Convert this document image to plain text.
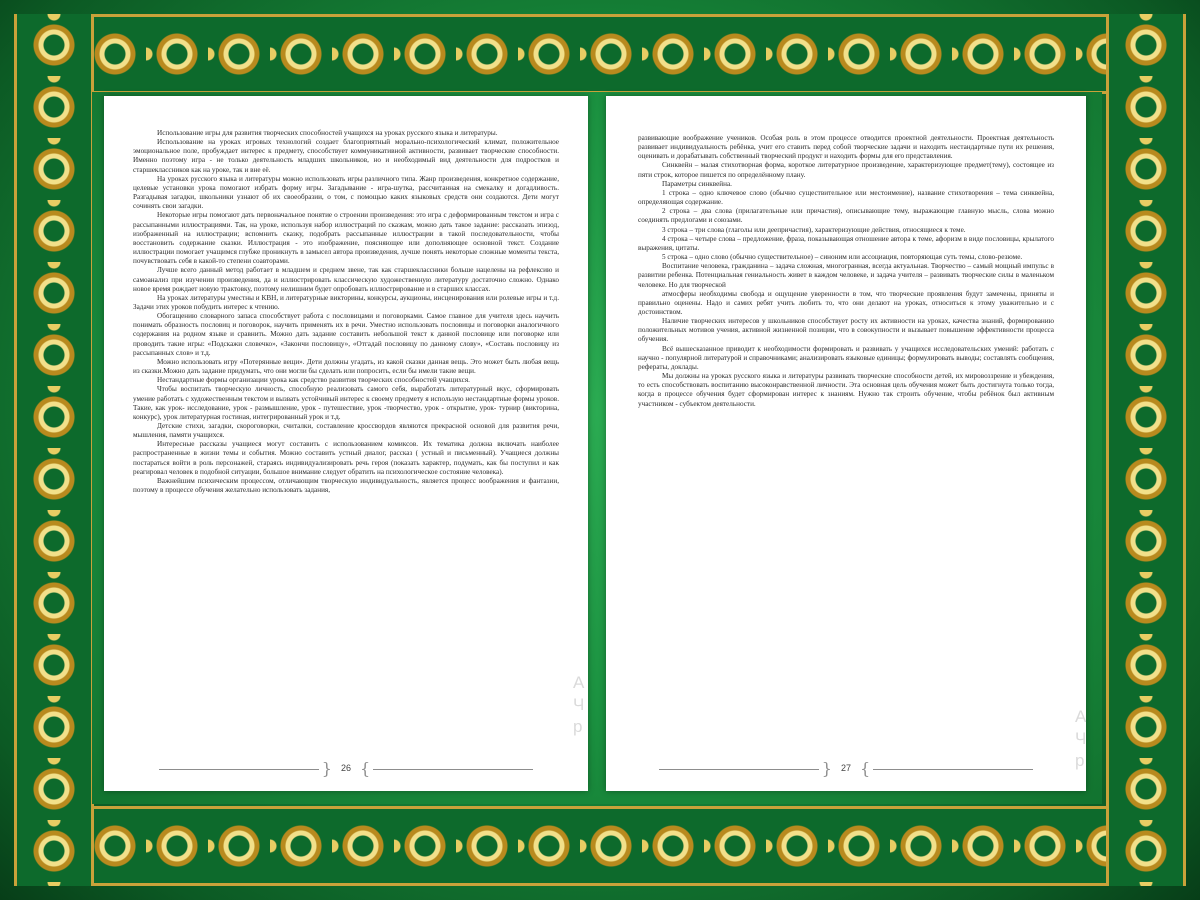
Использование игры для развития творческих способностей учащихся на уроках русского языка и литературы.

Использование на уроках игровых технологий создает благоприятный морально-психологический климат, положительное эмоциональное поле, пробуждает интерес к предмету, способствует коммуникативной активности, развивает творческие способности. Именно поэтому игра - не только деятельность младших школьников, но и необходимый вид деятельности для подростков и старшеклассников как на уроке, так и вне её.

На уроках русского языка и литературы можно использовать игры различного типа. Жанр произведения, конкретное содержание, целевые установки урока помогают избрать форму игры. Загадывание - игра-шутка, рассчитанная на смекалку и догадливость. Разгадывая загадки, школьники узнают об их своеобразии, о том, с помощью каких языковых средств они создаются. Дети могут сочинять свои загадки.

Некоторые игры помогают дать первоначальное понятие о строении произведения: это игра с деформированным текстом и игра с рассыпанными иллюстрациями. Так, на уроке, используя набор иллюстраций по сказкам, можно дать такое задание: рассказать эпизод, изображенный на иллюстрации; вспомнить сказку, подобрать рассыпанные иллюстрации в такой последовательности, чтобы восстановить содержание сказки. Иллюстрация - это изображение, поясняющее или дополняющее основной текст. Создание иллюстрации помогает учащимся глубже проникнуть в замысел автора произведения, лучше понять некоторые сложные моменты текста, почувствовать себя в какой-то степени соавторами.

Лучше всего данный метод работает в младшем и среднем звене, так как старшеклассники больше нацелены на рефлексию и самоанализ при изучении произведения, да и иллюстрировать классическую художественную литературу достаточно сложно. Однако новое время рождает новую трактовку, поэтому нелишним будет опробовать иллюстрирование и в старших классах.

На уроках литературы уместны и КВН, и литературные викторины, конкурсы, аукционы, инсценирования или ролевые игры и т.д. Задачи этих уроков побудить интерес к чтению.

Обогащению словарного запаса способствует работа с пословицами и поговорками. Самое главное для учителя здесь научить понимать образность пословиц и поговорок, научить применять их в речи. Уместно использовать пословицы и поговорки аналогичного содержания на родном языке и сравнить. Можно дать задание составить небольшой текст к данной пословице или поговорке или проводить такие игры: «Подскажи словечко», «Закончи пословицу», «Отгадай пословицу по данному слову», «Составь пословицу из рассыпанных слов» и т.д.

Можно использовать игру «Потерянные вещи». Дети должны угадать, из какой сказки данная вещь. Это может быть любая вещь из сказки.Можно дать задание придумать, что они могли бы сделать или попросить, если бы имели такие вещи.

Нестандартные формы организации урока как средство развития творческих способностей учащихся.

Чтобы воспитать творческую личность, способную реализовать самого себя, выработать литературный вкус, сформировать умение работать с художественным текстом и вызвать устойчивый интерес к своему предмету я использую нестандартные формы уроков. Такие, как урок- исследование, урок - размышление, урок - путешествие, урок -творчество, урок - открытие, урок- турнир (викторина, конкурс), урок литературная гостиная, интегрированный урок и т.д.

Детские стихи, загадки, скороговорки, считалки, составление кроссвордов являются прекрасной основой для развития речи, мышления, памяти учащихся.

Интересные рассказы учащиеся могут составить с использованием комиксов. Их тематика должна включать наиболее распространенные в жизни темы и события. Можно составить устный диалог, рассказ ( устный и письменный). Учащиеся должны постараться войти в роль персонажей, стараясь индивидуализировать речь героя (показать характер, подумать, как бы поступил и как реагировал человек в подобной ситуации, большое внимание следует обратить на психологическое состояние человека).

Важнейшим психическим процессом, отличающим творческую индивидуальность, является процесс воображения и фантазии, поэтому в процессе обучения желательно использовать задания,

} 26 {

развивающие воображение учеников. Особая роль в этом процессе отводится проектной деятельности. Проектная деятельность развивает индивидуальность ребёнка, учит его ставить перед собой творческие задачи и находить нестандартные пути их решения, оценивать и дорабатывать собственный творческий продукт и находить формы для его представления.

Синквейн – малая стихотворная форма, короткое литературное произведение, характеризующее предмет(тему), состоящее из пяти строк, которое пишется по определённому плану.

Параметры синквейна.

1 строка – одно ключевое слово (обычно существительное или местоимение), название стихотворения – тема синквейна, определяющая содержание.

2 строка – два слова (прилагательные или причастия), описывающие тему, выражающие главную мысль, слова можно соединять предлогами и союзами.

3 строка – три слова (глаголы или деепричастия), характеризующие действия, относящиеся к теме.

4 строка – четыре слова – предложение, фраза, показывающая отношение автора к теме, афоризм в виде пословицы, крылатого выражения, цитаты.

5 строка – одно слово (обычно существительное) – синоним или ассоциация, повторяющая суть темы, слово-резюме.

Воспитание человека, гражданина – задача сложная, многогранная, всегда актуальная. Творчество – самый мощный импульс в развитии ребенка. Потенциальная гениальность живет в каждом человеке, и задача учителя – развивать творческие силы в маленьком человеке. Но для творческой

атмосферы необходимы свобода и ощущение уверенности в том, что творческие проявления будут замечены, приняты и правильно оценены. Надо и самих ребят учить любить то, что они делают на уроках, относиться к этому уважительно и с достоинством.

Наличие творческих интересов у школьников способствует росту их активности на уроках, качества знаний, формированию положительных мотивов учения, активной жизненной позиции, что в совокупности и вызывает повышение эффективности процесса обучения.

Всё вышесказанное приводит к необходимости формировать и развивать у учащихся исследовательских умений: работать с научно - популярной литературой и справочниками; анализировать языковые единицы; формулировать выводы; составлять сообщения, рефераты, доклады.

Мы должны на уроках русского языка и литературы развивать творческие способности детей, их мировоззрение и убеждения, то есть способствовать воспитанию высоконравственной личности. Эта основная цель обучения может быть достигнута только тогда, когда в процессе обучения будет сформирован интерес к знаниям. Нужно так строить обучение, чтобы ребёнок был активным участником - субъектом деятельности.

} 27 {
А
Ч
р
А
Ч
р
